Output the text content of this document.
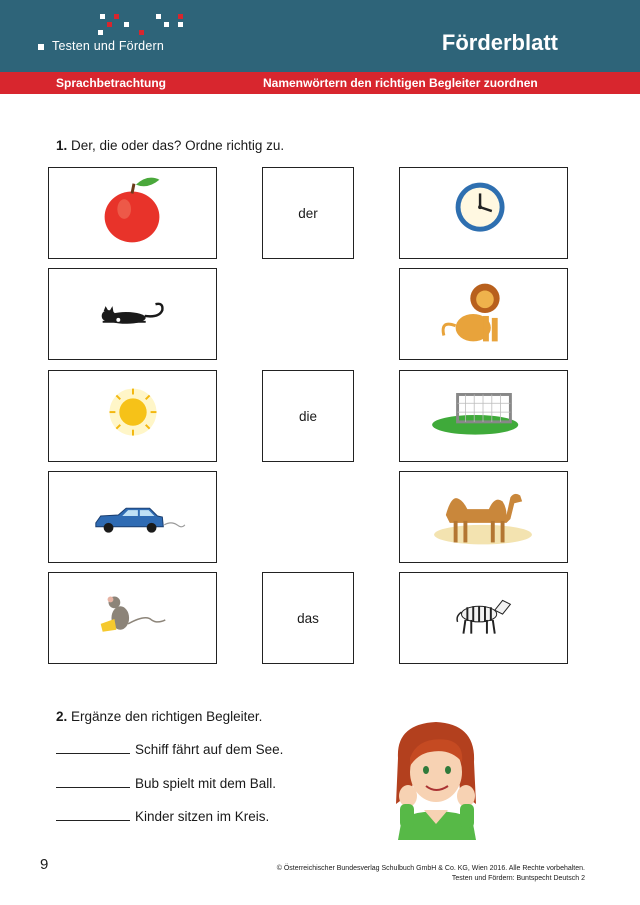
Testen und Fördern	Förderblatt
Sprachbetrachtung	Namenwörtern den richtigen Begleiter zuordnen
1. Der, die oder das? Ordne richtig zu.
der
die
das
2. Ergänze den richtigen Begleiter.
Schiff fährt auf dem See.
Bub spielt mit dem Ball.
Kinder sitzen im Kreis.
9	© Österreichischer Bundesverlag Schulbuch GmbH & Co. KG, Wien 2016. Alle Rechte vorbehalten.
Testen und Fördern: Buntspecht Deutsch 2
